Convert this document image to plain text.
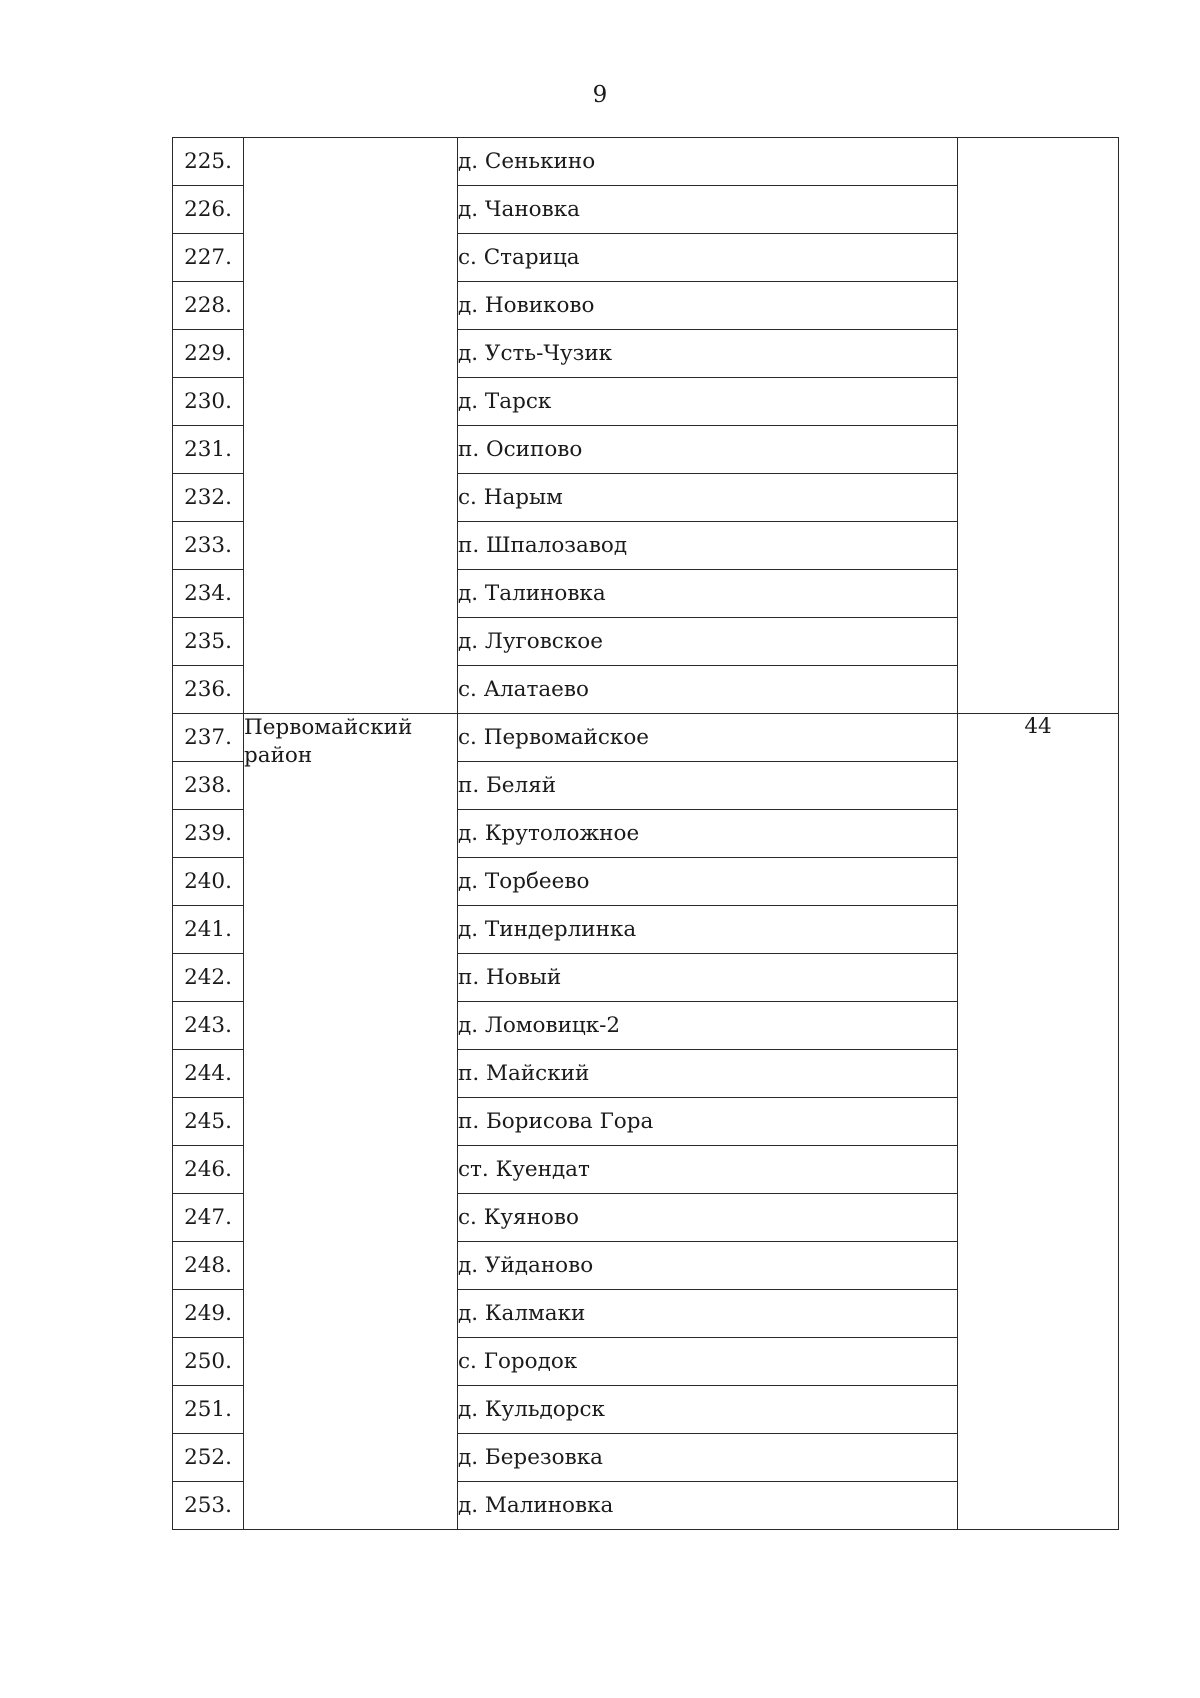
9
225.		д. Сенькино	
226.		д. Чановка	
227.		с. Старица	
228.		д. Новиково	
229.		д. Усть-Чузик	
230.		д. Тарск	
231.		п. Осипово	
232.		с. Нарым	
233.		п. Шпалозавод	
234.		д. Талиновка	
235.		д. Луговское	
236.		с. Алатаево	
237.	Первомайский район	с. Первомайское	44
238.		п. Беляй	
239.		д. Крутоложное	
240.		д. Торбеево	
241.		д. Тиндерлинка	
242.		п. Новый	
243.		д. Ломовицк-2	
244.		п. Майский	
245.		п. Борисова Гора	
246.		ст. Куендат	
247.		с. Куяново	
248.		д. Уйданово	
249.		д. Калмаки	
250.		с. Городок	
251.		д. Кульдорск	
252.		д. Березовка	
253.		д. Малиновка	
